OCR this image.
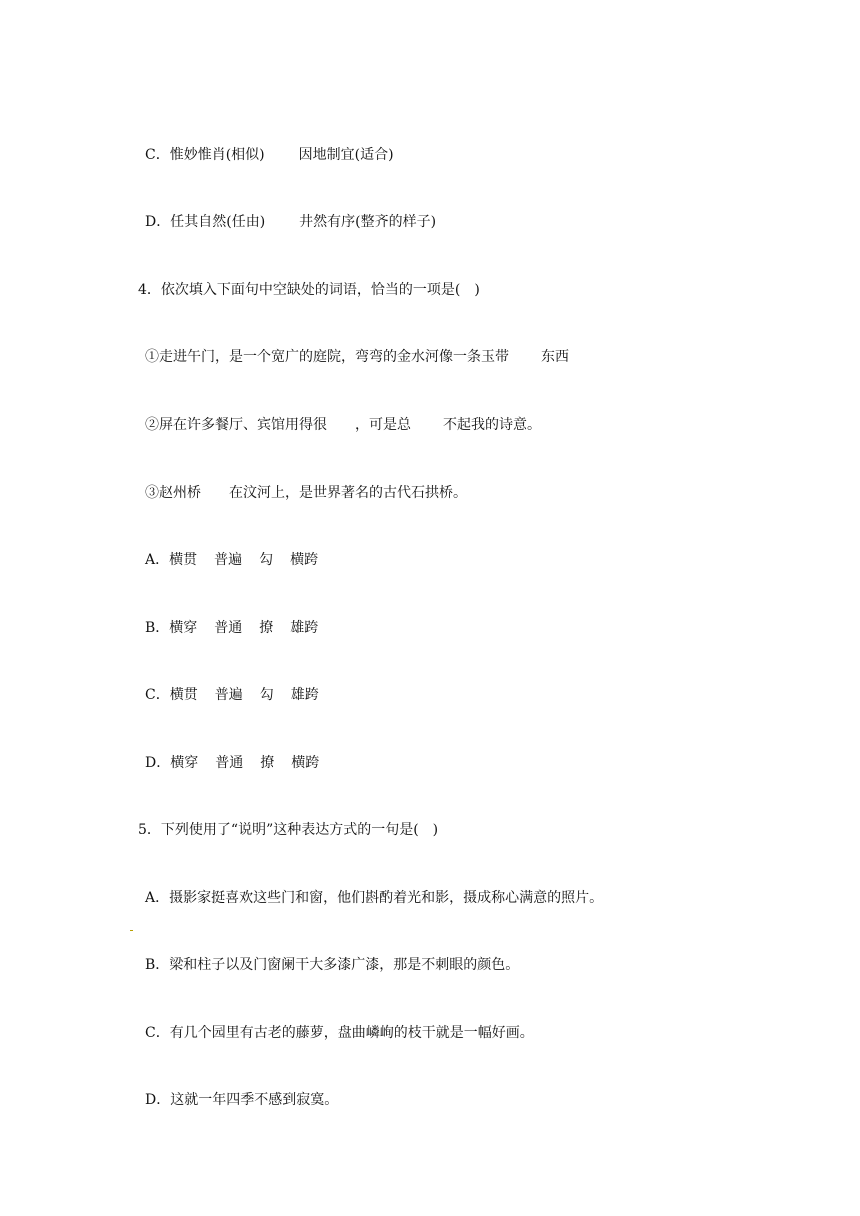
C．惟妙惟肖(相似) 因地制宜(适合)
D．任其自然(任由) 井然有序(整齐的样子)
4．依次填入下面句中空缺处的词语，恰当的一项是(　)
①走进午门，是一个宽广的庭院，弯弯的金水河像一条玉带 东西
②屏在许多餐厅、宾馆用得很 ，可是总 不起我的诗意。
③赵州桥 在汶河上，是世界著名的古代石拱桥。
A．横贯 普遍 勾 横跨
B．横穿 普通 撩 雄跨
C．横贯 普遍 勾 雄跨
D．横穿 普通 撩 横跨
5．下列使用了“说明”这种表达方式的一句是(　)
A．摄影家挺喜欢这些门和窗，他们斟酌着光和影，摄成称心满意的照片。
B．梁和柱子以及门窗阑干大多漆广漆，那是不刺眼的颜色。
C．有几个园里有古老的藤萝，盘曲嶙峋的枝干就是一幅好画。
D．这就一年四季不感到寂寞。
